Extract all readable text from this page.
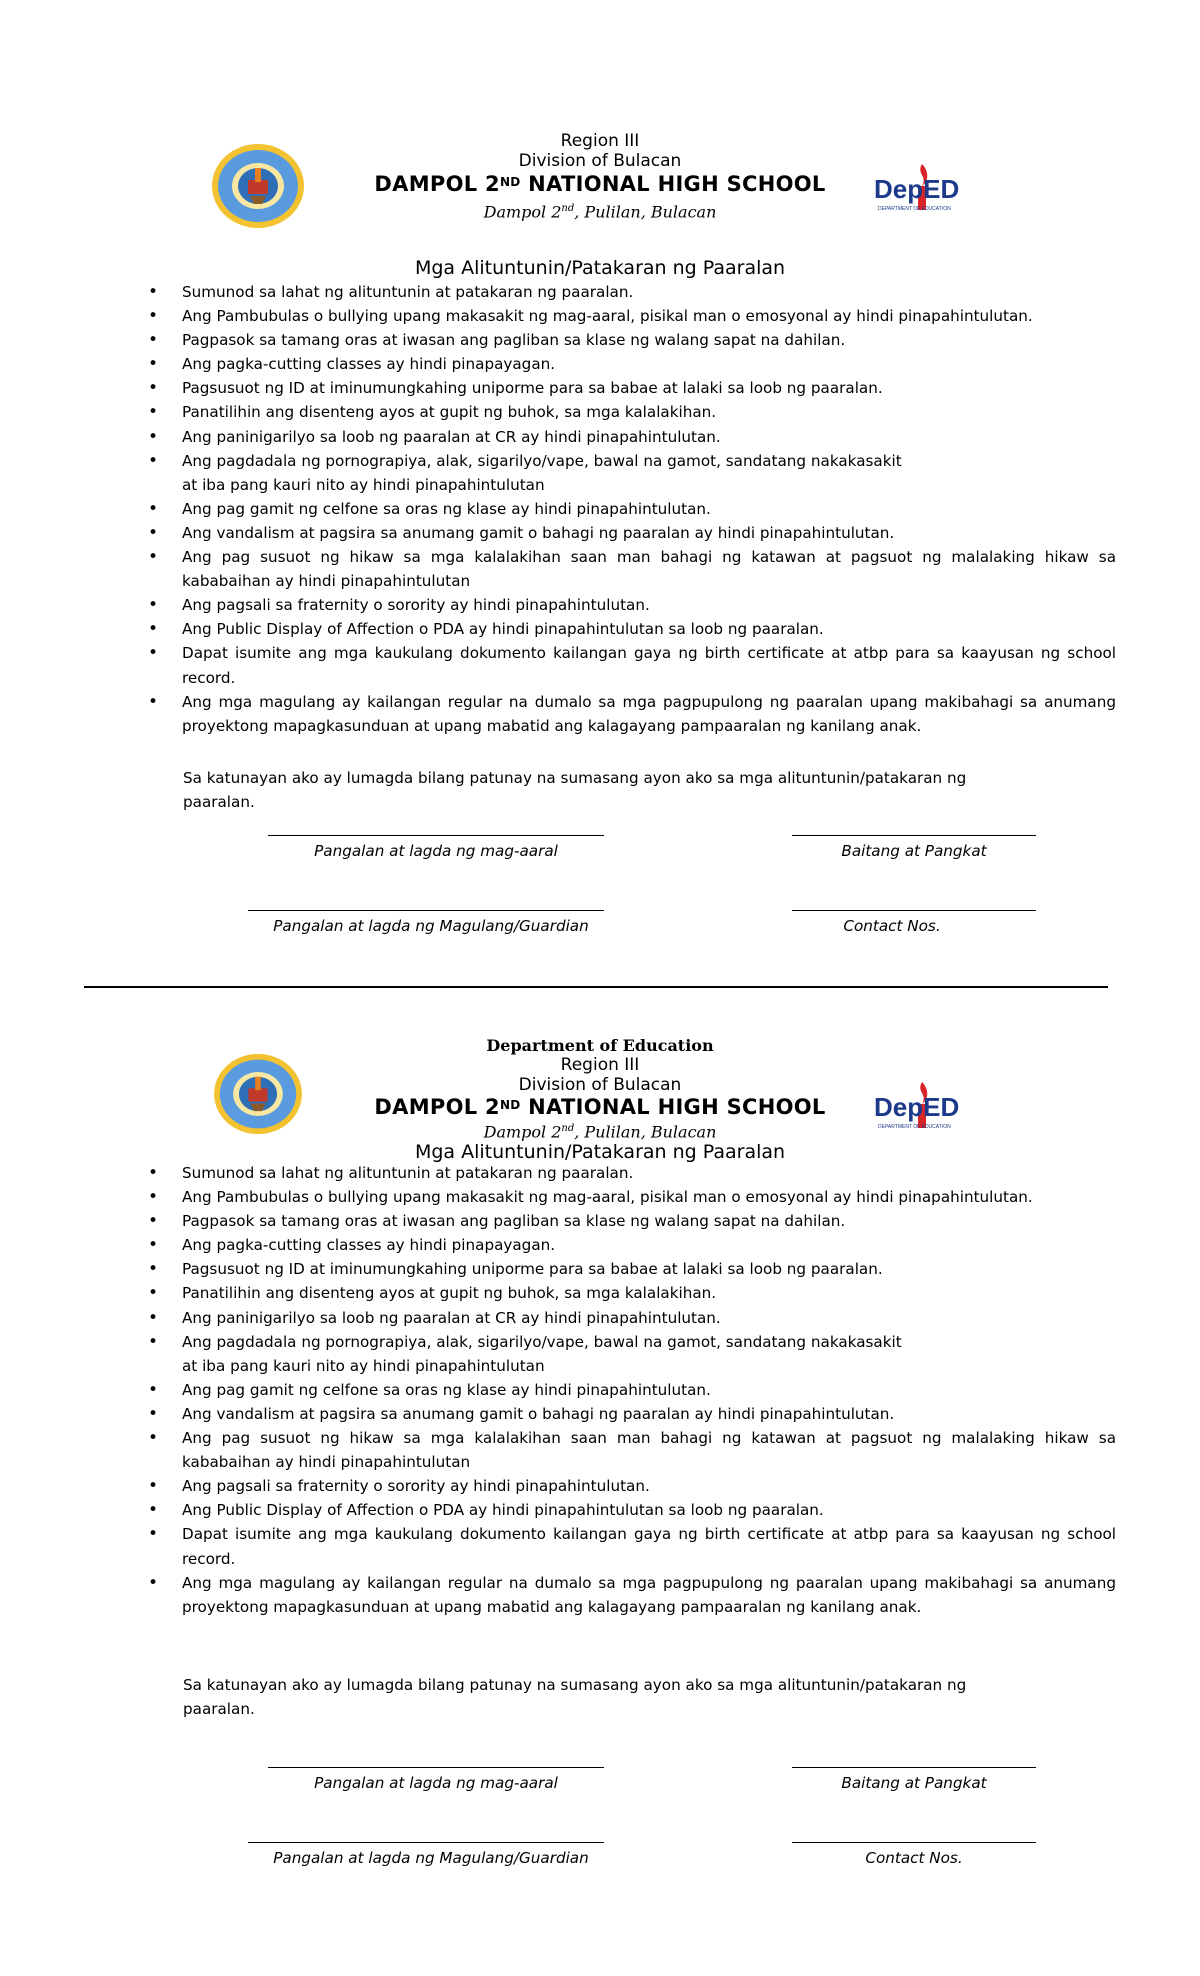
DepED
DEPARTMENT OF EDUCATION
Region III
Division of Bulacan
DAMPOL 2ND NATIONAL HIGH SCHOOL
Dampol 2nd, Pulilan, Bulacan
Mga Alituntunin/Patakaran ng Paaralan
• Sumunod sa lahat ng alituntunin at patakaran ng paaralan.
• Ang Pambubulas o bullying upang makasakit ng mag-aaral, pisikal man o emosyonal ay hindi pinapahintulutan.
• Pagpasok sa tamang oras at iwasan ang pagliban sa klase ng walang sapat na dahilan.
• Ang pagka-cutting classes ay hindi pinapayagan.
• Pagsusuot ng ID at iminumungkahing uniporme para sa babae at lalaki sa loob ng paaralan.
• Panatilihin ang disenteng ayos at gupit ng buhok, sa mga kalalakihan.
• Ang paninigarilyo sa loob ng paaralan at CR ay hindi pinapahintulutan.
• Ang pagdadala ng pornograpiya, alak, sigarilyo/vape, bawal na gamot, sandatang nakakasakit
at iba pang kauri nito ay hindi pinapahintulutan
• Ang pag gamit ng celfone sa oras ng klase ay hindi pinapahintulutan.
• Ang vandalism at pagsira sa anumang gamit o bahagi ng paaralan ay hindi pinapahintulutan.
• Ang pag susuot ng hikaw sa mga kalalakihan saan man bahagi ng katawan at pagsuot ng malalaking hikaw sa kababaihan ay hindi pinapahintulutan
• Ang pagsali sa fraternity o sorority ay hindi pinapahintulutan.
• Ang Public Display of Affection o PDA ay hindi pinapahintulutan sa loob ng paaralan.
• Dapat isumite ang mga kaukulang dokumento kailangan gaya ng birth certificate at atbp para sa kaayusan ng school record.
• Ang mga magulang ay kailangan regular na dumalo sa mga pagpupulong ng paaralan upang makibahagi sa anumang proyektong mapagkasunduan at upang mabatid ang kalagayang pampaaralan ng kanilang anak.
Sa katunayan ako ay lumagda bilang patunay na sumasang ayon ako sa mga alituntunin/patakaran ng paaralan.
Pangalan at lagda ng mag-aaral	Baitang at Pangkat
Pangalan at lagda ng Magulang/Guardian	Contact Nos.
DepED
DEPARTMENT OF EDUCATION
Department of Education
Region III
Division of Bulacan
DAMPOL 2ND NATIONAL HIGH SCHOOL
Dampol 2nd, Pulilan, Bulacan
Mga Alituntunin/Patakaran ng Paaralan
• Sumunod sa lahat ng alituntunin at patakaran ng paaralan.
• Ang Pambubulas o bullying upang makasakit ng mag-aaral, pisikal man o emosyonal ay hindi pinapahintulutan.
• Pagpasok sa tamang oras at iwasan ang pagliban sa klase ng walang sapat na dahilan.
• Ang pagka-cutting classes ay hindi pinapayagan.
• Pagsusuot ng ID at iminumungkahing uniporme para sa babae at lalaki sa loob ng paaralan.
• Panatilihin ang disenteng ayos at gupit ng buhok, sa mga kalalakihan.
• Ang paninigarilyo sa loob ng paaralan at CR ay hindi pinapahintulutan.
• Ang pagdadala ng pornograpiya, alak, sigarilyo/vape, bawal na gamot, sandatang nakakasakit
at iba pang kauri nito ay hindi pinapahintulutan
• Ang pag gamit ng celfone sa oras ng klase ay hindi pinapahintulutan.
• Ang vandalism at pagsira sa anumang gamit o bahagi ng paaralan ay hindi pinapahintulutan.
• Ang pag susuot ng hikaw sa mga kalalakihan saan man bahagi ng katawan at pagsuot ng malalaking hikaw sa kababaihan ay hindi pinapahintulutan
• Ang pagsali sa fraternity o sorority ay hindi pinapahintulutan.
• Ang Public Display of Affection o PDA ay hindi pinapahintulutan sa loob ng paaralan.
• Dapat isumite ang mga kaukulang dokumento kailangan gaya ng birth certificate at atbp para sa kaayusan ng school record.
• Ang mga magulang ay kailangan regular na dumalo sa mga pagpupulong ng paaralan upang makibahagi sa anumang proyektong mapagkasunduan at upang mabatid ang kalagayang pampaaralan ng kanilang anak.
Sa katunayan ako ay lumagda bilang patunay na sumasang ayon ako sa mga alituntunin/patakaran ng paaralan.
Pangalan at lagda ng mag-aaral	Baitang at Pangkat
Pangalan at lagda ng Magulang/Guardian	Contact Nos.
